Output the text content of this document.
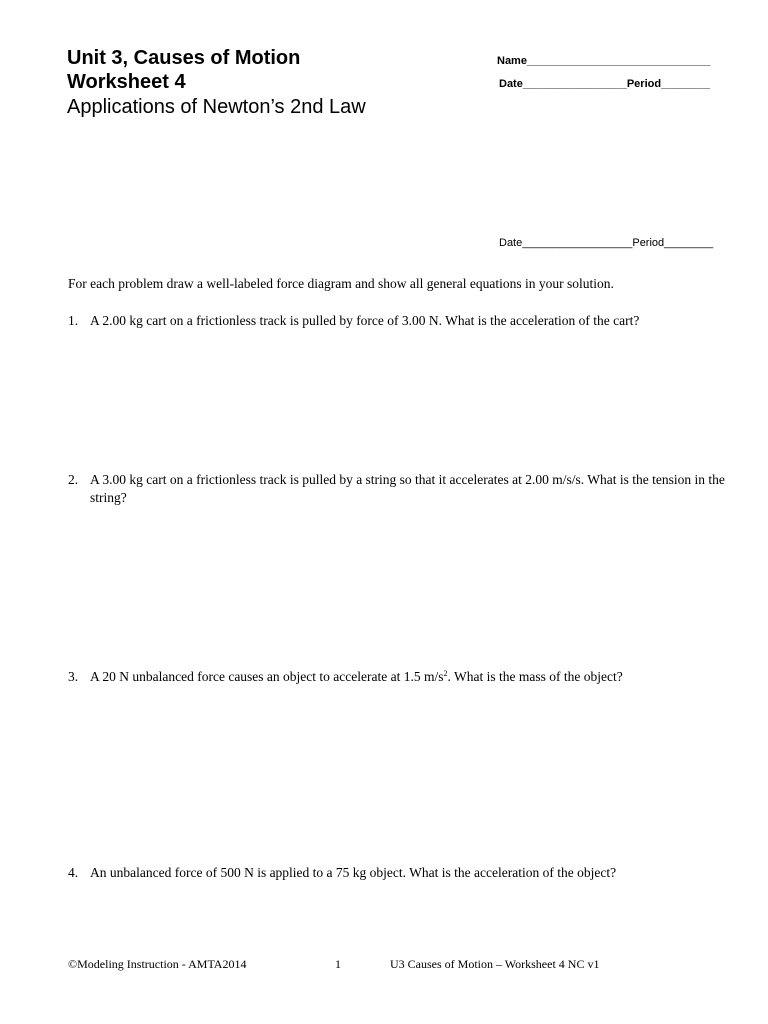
Unit 3, Causes of Motion
Worksheet 4
Applications of Newton’s 2nd Law
Name______________________________
Date_________________Period________
Date__________________Period________
For each problem draw a well-labeled force diagram and show all general equations in your solution.
1. A 2.00 kg cart on a frictionless track is pulled by force of 3.00 N. What is the acceleration of the cart?
2. A 3.00 kg cart on a frictionless track is pulled by a string so that it accelerates at 2.00 m/s/s. What is the tension in the string?
3. A 20 N unbalanced force causes an object to accelerate at 1.5 $m/s^2$. What is the mass of the object?
4. An unbalanced force of 500 N is applied to a 75 kg object. What is the acceleration of the object?
©Modeling Instruction - AMTA2014	1	U3 Causes of Motion – Worksheet 4 NC v1
